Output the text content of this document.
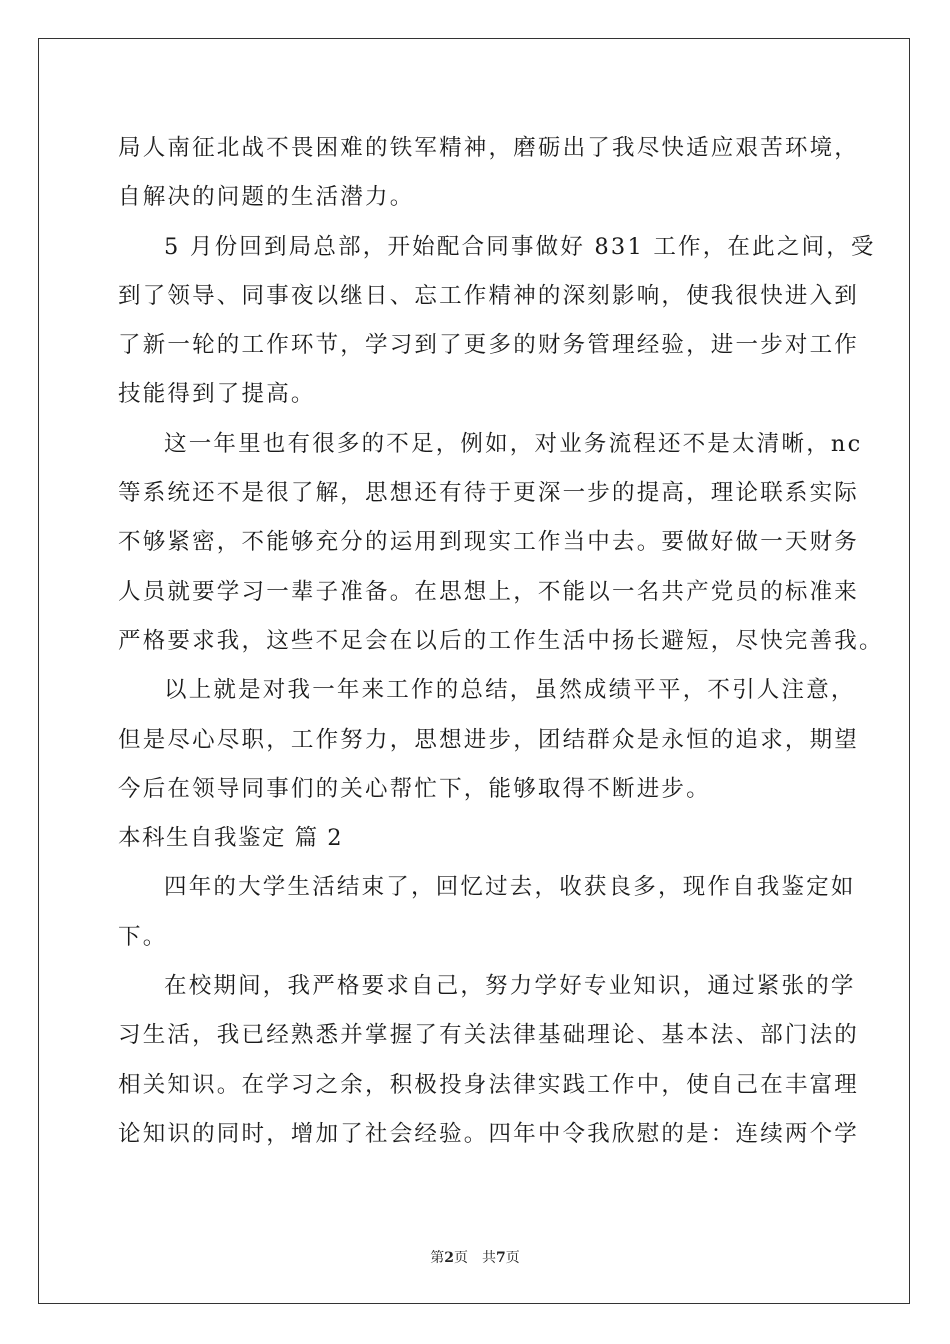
局人南征北战不畏困难的铁军精神，磨砺出了我尽快适应艰苦环境，
自解决的问题的生活潜力。
5 月份回到局总部，开始配合同事做好 831 工作，在此之间，受
到了领导、同事夜以继日、忘工作精神的深刻影响，使我很快进入到
了新一轮的工作环节，学习到了更多的财务管理经验，进一步对工作
技能得到了提高。
这一年里也有很多的不足，例如，对业务流程还不是太清晰，nc
等系统还不是很了解，思想还有待于更深一步的提高，理论联系实际
不够紧密，不能够充分的运用到现实工作当中去。要做好做一天财务
人员就要学习一辈子准备。在思想上，不能以一名共产党员的标准来
严格要求我，这些不足会在以后的工作生活中扬长避短，尽快完善我。
以上就是对我一年来工作的总结，虽然成绩平平，不引人注意，
但是尽心尽职，工作努力，思想进步，团结群众是永恒的追求，期望
今后在领导同事们的关心帮忙下，能够取得不断进步。
本科生自我鉴定 篇 2
四年的大学生活结束了，回忆过去，收获良多，现作自我鉴定如
下。
在校期间，我严格要求自己，努力学好专业知识，通过紧张的学
习生活，我已经熟悉并掌握了有关法律基础理论、基本法、部门法的
相关知识。在学习之余，积极投身法律实践工作中，使自己在丰富理
论知识的同时，增加了社会经验。四年中令我欣慰的是：连续两个学
第2页 共7页
